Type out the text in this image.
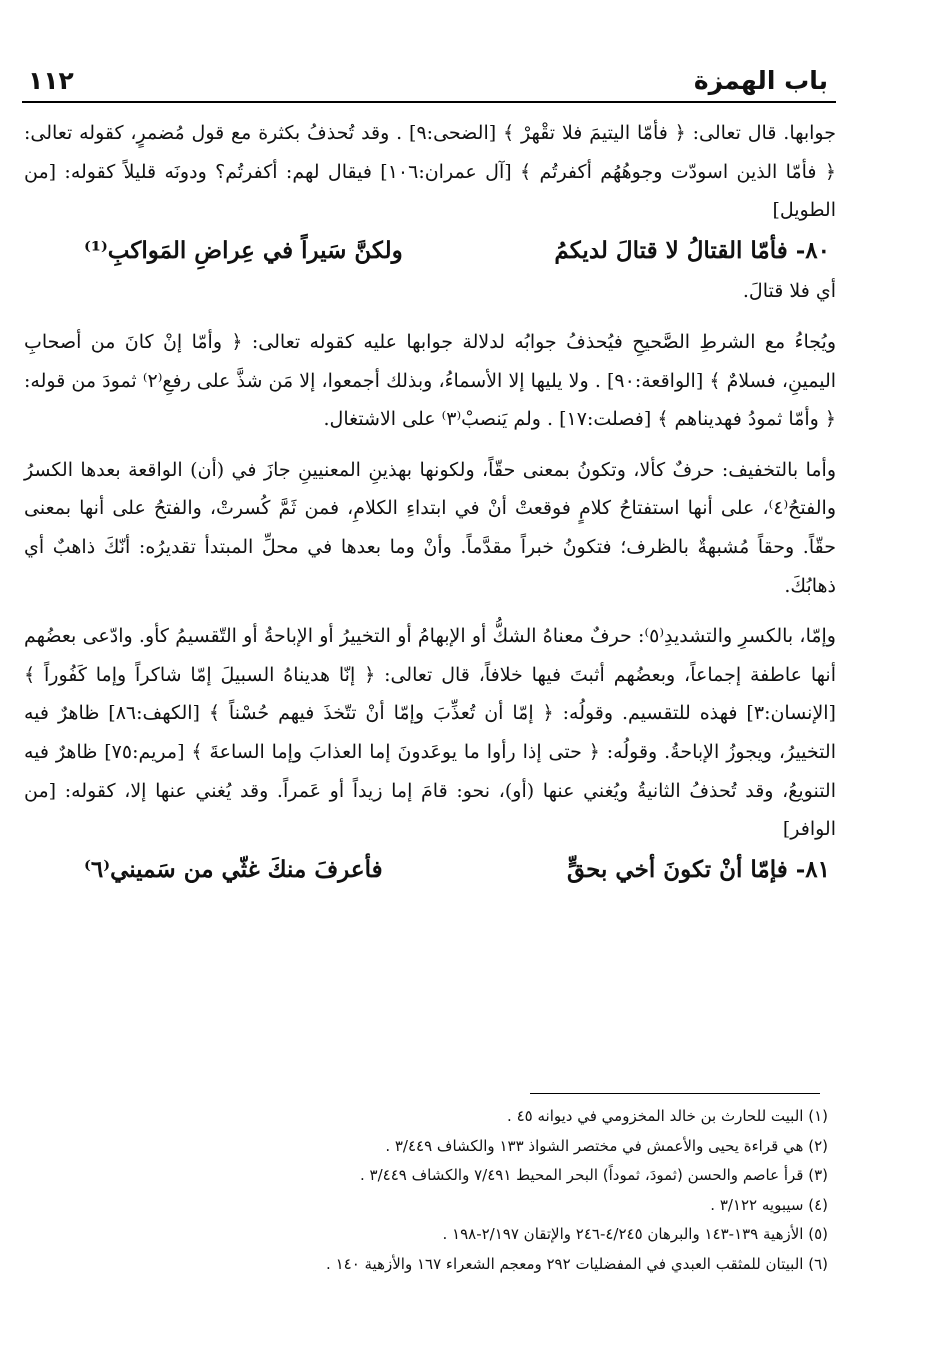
١١٢	باب الهمزة

جوابها. قال تعالى: ﴿ فأمّا اليتيمَ فلا تقْهرْ ﴾ [الضحى:٩] . وقد تُحذفُ بكثرة مع قول مُضمرٍ، كقوله تعالى: ﴿ فأمّا الذين اسودّت وجوهُهُم أكفرتُم ﴾ [آل عمران:١٠٦] فيقال لهم: أكفرتُم؟ ودونَه قليلاً كقوله: [من الطويل]

٨٠- فأمّا القتالُ لا قتالَ لديكمُ
ولكنَّ سَيراً في عِراضِ المَواكبِ⁽¹⁾

أي فلا قتالَ.

ويُجاءُ مع الشرطِ الصَّحيحِ فيُحذفُ جوابُه لدلالة جوابها عليه كقوله تعالى: ﴿ وأمّا إنْ كانَ من أصحابِ اليمينِ، فسلامٌ ﴾ [الواقعة:٩٠] . ولا يليها إلا الأسماءُ، وبذلك أجمعوا، إلا مَن شذَّ على رفعِ⁽٢⁾ ثمودَ من قوله: ﴿ وأمّا ثمودُ فهديناهم ﴾ [فصلت:١٧] . ولم يَنصبْ⁽٣⁾ على الاشتغال.

وأما بالتخفيف: حرفٌ كألا، وتكونُ بمعنى حقّاً، ولكونها بهذينِ المعنيينِ جازَ في (أن) الواقعة بعدها الكسرُ والفتحُ⁽٤⁾، على أنها استفتاحُ كلامٍ فوقعتْ أنْ في ابتداءِ الكلامِ، فمن ثَمَّ كُسرتْ، والفتحُ على أنها بمعنى حقّاً. وحقاً مُشبهةٌ بالظرف؛ فتكونُ خبراً مقدَّماً. وأنْ وما بعدها في محلِّ المبتدأ تقديرُه: أنّكَ ذاهبٌ أي ذهابُكَ.

وإمّا، بالكسرِ والتشديدِ⁽٥⁾: حرفٌ معناهُ الشكُّ أو الإبهامُ أو التخييرُ أو الإباحةُ أو التّقسيمُ كأو. وادّعى بعضُهم أنها عاطفة إجماعاً، وبعضُهم أثبتَ فيها خلافاً، قال تعالى: ﴿ إنّا هديناهُ السبيلَ إمّا شاكراً وإما كَفُوراً ﴾ [الإنسان:٣] فهذه للتقسيم. وقولُه: ﴿ إمّا أن تُعذِّبَ وإمّا أنْ تتّخذَ فيهم حُسْناً ﴾ [الكهف:٨٦] ظاهرٌ فيه التخييرُ، ويجوزُ الإباحةُ. وقولُه: ﴿ حتى إذا رأوا ما يوعَدونَ إما العذابَ وإما الساعةَ ﴾ [مريم:٧٥] ظاهرٌ فيه التنويعُ، وقد تُحذفُ الثانيةُ ويُغني عنها (أو)، نحو: قامَ إما زيداً أو عَمراً. وقد يُغني عنها إلا، كقوله: [من الوافر]

٨١- فإمّا أنْ تكونَ أخي بحقٍّ
فأعرفَ منكَ غثّي من سَميني⁽٦⁾
(١) البيت للحارث بن خالد المخزومي في ديوانه ٤٥ .
(٢) هي قراءة يحيى والأعمش في مختصر الشواذ ١٣٣ والكشاف ٣/٤٤٩ .
(٣) قرأ عاصم والحسن (ثمودَ، ثموداً) البحر المحيط ٧/٤٩١ والكشاف ٣/٤٤٩ .
(٤) سيبويه ٣/١٢٢ .
(٥) الأزهية ١٣٩-١٤٣ والبرهان ٤/٢٤٥-٢٤٦ والإتقان ٢/١٩٧-١٩٨ .
(٦) البيتان للمثقب العبدي في المفضليات ٢٩٢ ومعجم الشعراء ١٦٧ والأزهية ١٤٠ .
